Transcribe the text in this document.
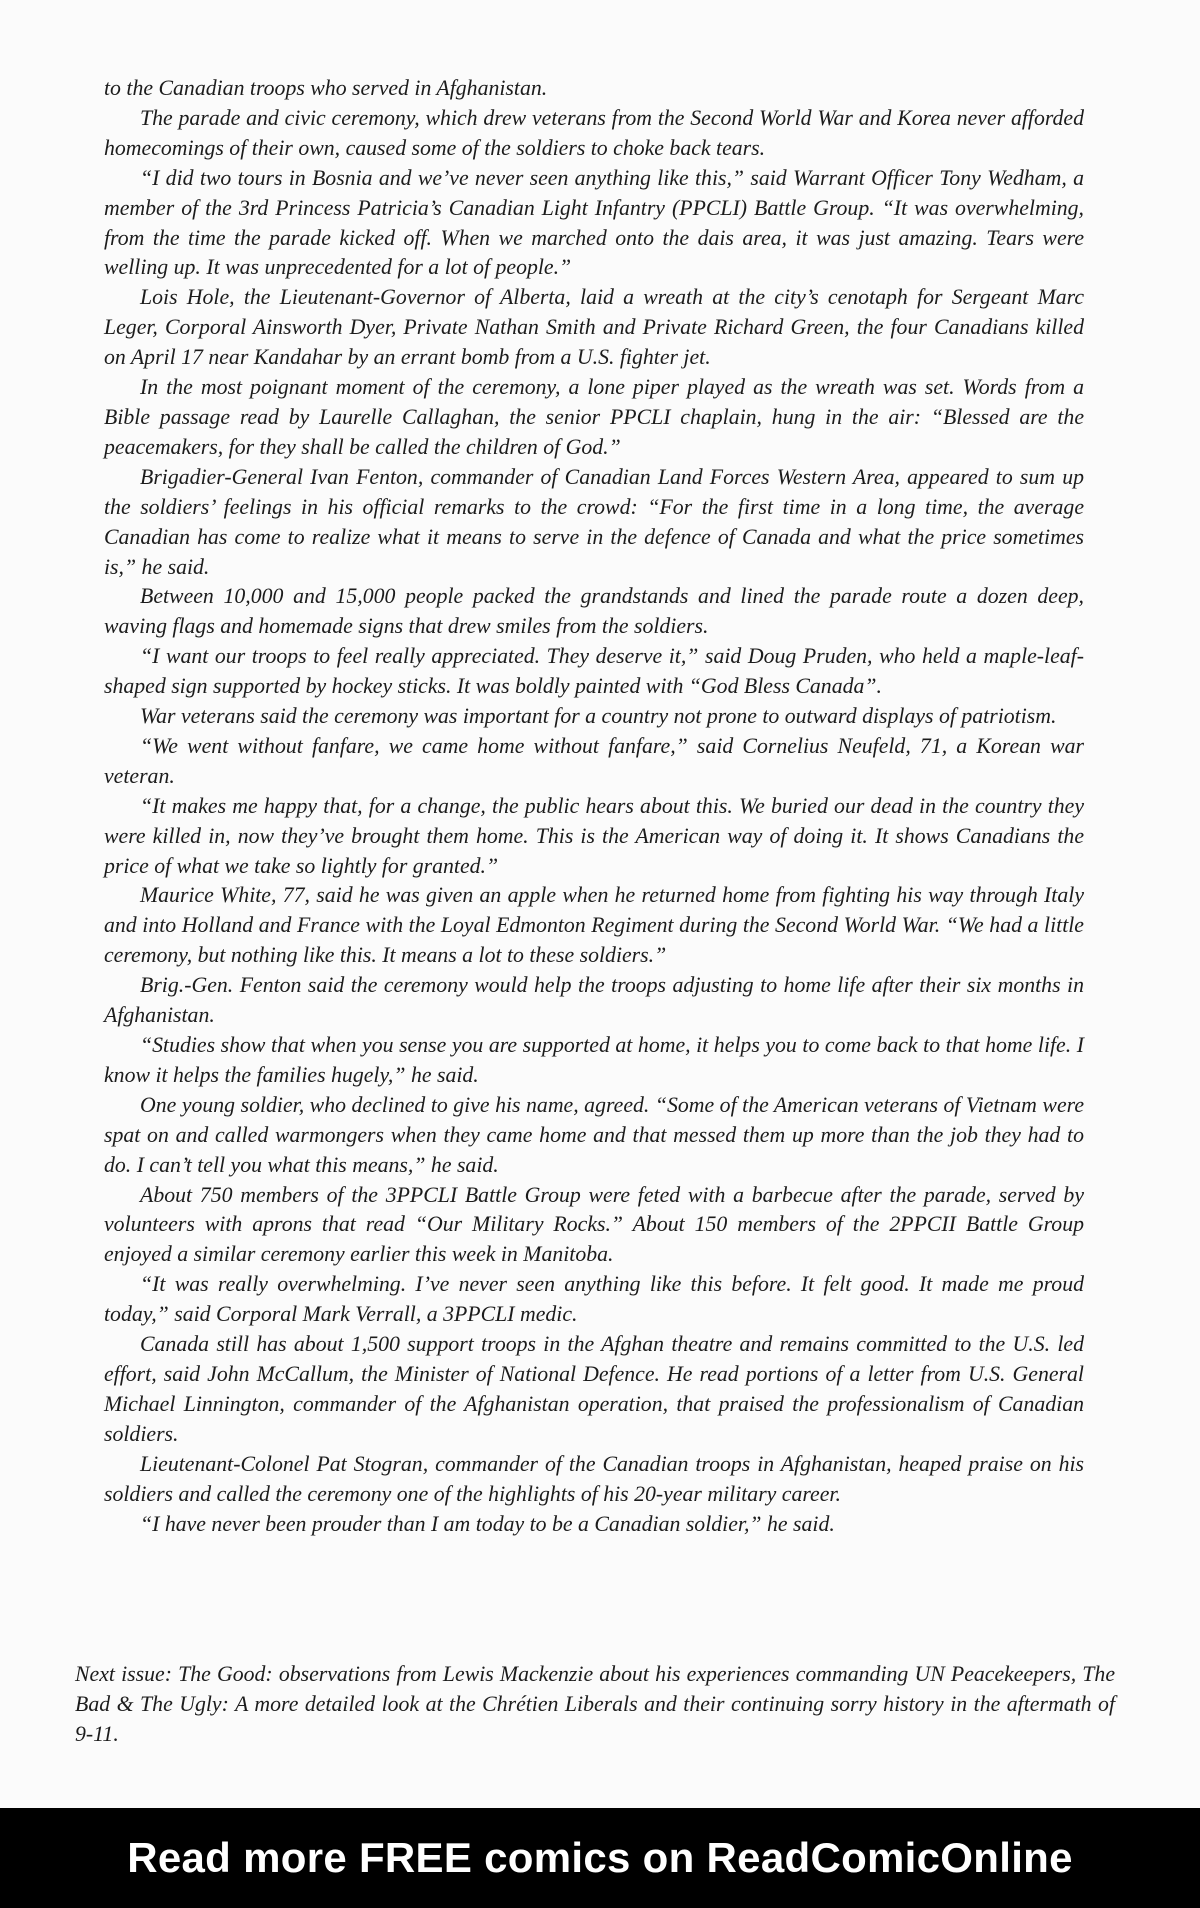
to the Canadian troops who served in Afghanistan.

The parade and civic ceremony, which drew veterans from the Second World War and Korea never afforded homecomings of their own, caused some of the soldiers to choke back tears.

“I did two tours in Bosnia and we’ve never seen anything like this,” said Warrant Officer Tony Wedham, a member of the 3rd Princess Patricia’s Canadian Light Infantry (PPCLI) Battle Group. “It was overwhelming, from the time the parade kicked off. When we marched onto the dais area, it was just amazing. Tears were welling up. It was unprecedented for a lot of people.”

Lois Hole, the Lieutenant-Governor of Alberta, laid a wreath at the city’s cenotaph for Sergeant Marc Leger, Corporal Ainsworth Dyer, Private Nathan Smith and Private Richard Green, the four Canadians killed on April 17 near Kandahar by an errant bomb from a U.S. fighter jet.

In the most poignant moment of the ceremony, a lone piper played as the wreath was set. Words from a Bible passage read by Laurelle Callaghan, the senior PPCLI chaplain, hung in the air: “Blessed are the peacemakers, for they shall be called the children of God.”

Brigadier-General Ivan Fenton, commander of Canadian Land Forces Western Area, appeared to sum up the soldiers’ feelings in his official remarks to the crowd: “For the first time in a long time, the average Canadian has come to realize what it means to serve in the defence of Canada and what the price sometimes is,” he said.

Between 10,000 and 15,000 people packed the grandstands and lined the parade route a dozen deep, waving flags and homemade signs that drew smiles from the soldiers.

“I want our troops to feel really appreciated. They deserve it,” said Doug Pruden, who held a maple-leaf-shaped sign supported by hockey sticks. It was boldly painted with “God Bless Canada”.

War veterans said the ceremony was important for a country not prone to outward displays of patriotism.

“We went without fanfare, we came home without fanfare,” said Cornelius Neufeld, 71, a Korean war veteran.

“It makes me happy that, for a change, the public hears about this. We buried our dead in the country they were killed in, now they’ve brought them home. This is the American way of doing it. It shows Canadians the price of what we take so lightly for granted.”

Maurice White, 77, said he was given an apple when he returned home from fighting his way through Italy and into Holland and France with the Loyal Edmonton Regiment during the Second World War. “We had a little ceremony, but nothing like this. It means a lot to these soldiers.”

Brig.-Gen. Fenton said the ceremony would help the troops adjusting to home life after their six months in Afghanistan.

“Studies show that when you sense you are supported at home, it helps you to come back to that home life. I know it helps the families hugely,” he said.

One young soldier, who declined to give his name, agreed. “Some of the American veterans of Vietnam were spat on and called warmongers when they came home and that messed them up more than the job they had to do. I can’t tell you what this means,” he said.

About 750 members of the 3PPCLI Battle Group were feted with a barbecue after the parade, served by volunteers with aprons that read “Our Military Rocks.” About 150 members of the 2PPCII Battle Group enjoyed a similar ceremony earlier this week in Manitoba.

“It was really overwhelming. I’ve never seen anything like this before. It felt good. It made me proud today,” said Corporal Mark Verrall, a 3PPCLI medic.

Canada still has about 1,500 support troops in the Afghan theatre and remains committed to the U.S. led effort, said John McCallum, the Minister of National Defence. He read portions of a letter from U.S. General Michael Linnington, commander of the Afghanistan operation, that praised the professionalism of Canadian soldiers.

Lieutenant-Colonel Pat Stogran, commander of the Canadian troops in Afghanistan, heaped praise on his soldiers and called the ceremony one of the highlights of his 20-year military career.

“I have never been prouder than I am today to be a Canadian soldier,” he said.

Next issue: The Good: observations from Lewis Mackenzie about his experiences commanding UN Peacekeepers, The Bad & The Ugly: A more detailed look at the Chrétien Liberals and their continuing sorry history in the aftermath of 9-11.

Read more FREE comics on ReadComicOnline
